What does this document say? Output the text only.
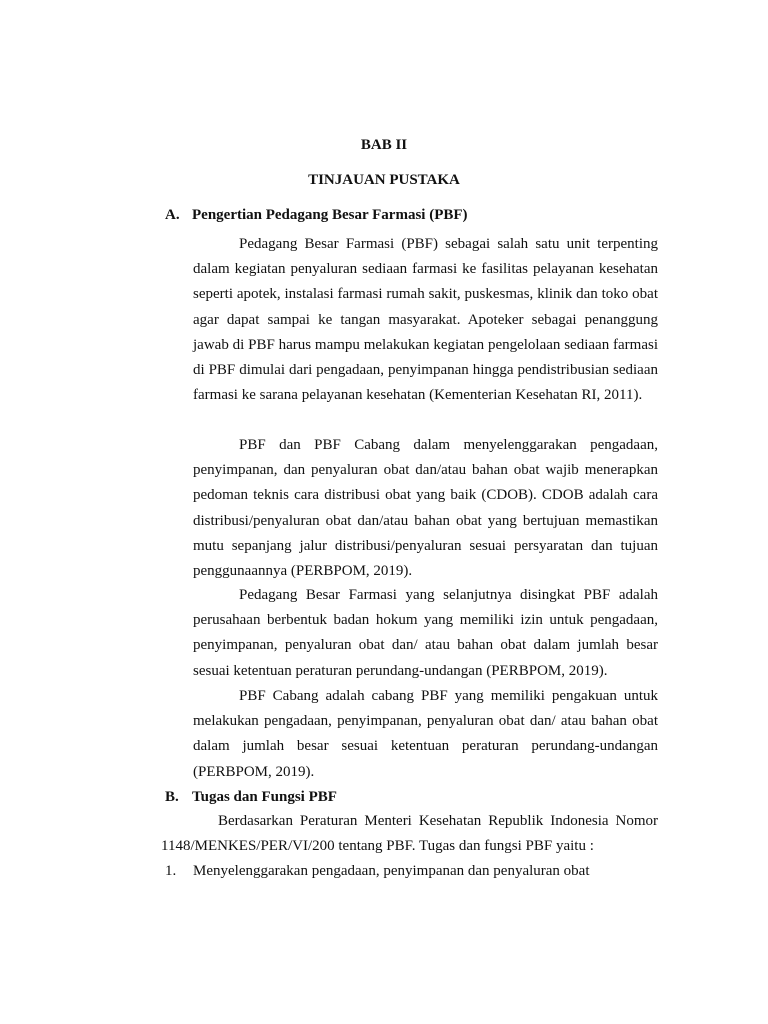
BAB II
TINJAUAN PUSTAKA
A. Pengertian Pedagang Besar Farmasi (PBF)

Pedagang Besar Farmasi (PBF) sebagai salah satu unit terpenting dalam kegiatan penyaluran sediaan farmasi ke fasilitas pelayanan kesehatan seperti apotek, instalasi farmasi rumah sakit, puskesmas, klinik dan toko obat agar dapat sampai ke tangan masyarakat. Apoteker sebagai penanggung jawab di PBF harus mampu melakukan kegiatan pengelolaan sediaan farmasi di PBF dimulai dari pengadaan, penyimpanan hingga pendistribusian sediaan farmasi ke sarana pelayanan kesehatan (Kementerian Kesehatan RI, 2011).

PBF dan PBF Cabang dalam menyelenggarakan pengadaan, penyimpanan, dan penyaluran obat dan/atau bahan obat wajib menerapkan pedoman teknis cara distribusi obat yang baik (CDOB). CDOB adalah cara distribusi/penyaluran obat dan/atau bahan obat yang bertujuan memastikan mutu sepanjang jalur distribusi/penyaluran sesuai persyaratan dan tujuan penggunaannya (PERBPOM, 2019).

Pedagang Besar Farmasi yang selanjutnya disingkat PBF adalah perusahaan berbentuk badan hokum yang memiliki izin untuk pengadaan, penyimpanan, penyaluran obat dan/ atau bahan obat dalam jumlah besar sesuai ketentuan peraturan perundang-undangan (PERBPOM, 2019).

PBF Cabang adalah cabang PBF yang memiliki pengakuan untuk melakukan pengadaan, penyimpanan, penyaluran obat dan/ atau bahan obat dalam jumlah besar sesuai ketentuan peraturan perundang-undangan (PERBPOM, 2019).

B. Tugas dan Fungsi PBF

Berdasarkan Peraturan Menteri Kesehatan Republik Indonesia Nomor 1148/MENKES/PER/VI/200 tentang PBF. Tugas dan fungsi PBF yaitu :

1. Menyelenggarakan pengadaan, penyimpanan dan penyaluran obat
